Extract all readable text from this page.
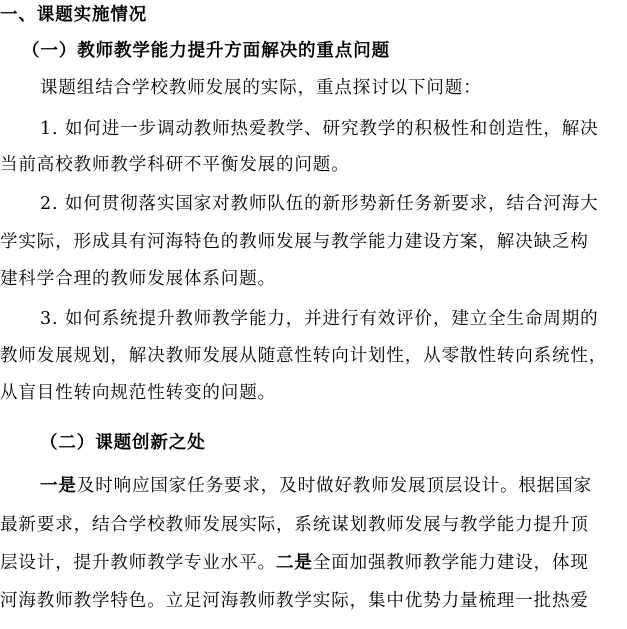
一、课题实施情况
（一）教师教学能力提升方面解决的重点问题
课题组结合学校教师发展的实际，重点探讨以下问题：
1. 如何进一步调动教师热爱教学、研究教学的积极性和创造性，解决
当前高校教师教学科研不平衡发展的问题。
2. 如何贯彻落实国家对教师队伍的新形势新任务新要求，结合河海大
学实际，形成具有河海特色的教师发展与教学能力建设方案，解决缺乏构
建科学合理的教师发展体系问题。
3. 如何系统提升教师教学能力，并进行有效评价，建立全生命周期的
教师发展规划，解决教师发展从随意性转向计划性，从零散性转向系统性，
从盲目性转向规范性转变的问题。
（二）课题创新之处
一是及时响应国家任务要求，及时做好教师发展顶层设计。根据国家
最新要求，结合学校教师发展实际，系统谋划教师发展与教学能力提升顶
层设计，提升教师教学专业水平。二是全面加强教师教学能力建设，体现
河海教师教学特色。立足河海教师教学实际，集中优势力量梳理一批热爱
